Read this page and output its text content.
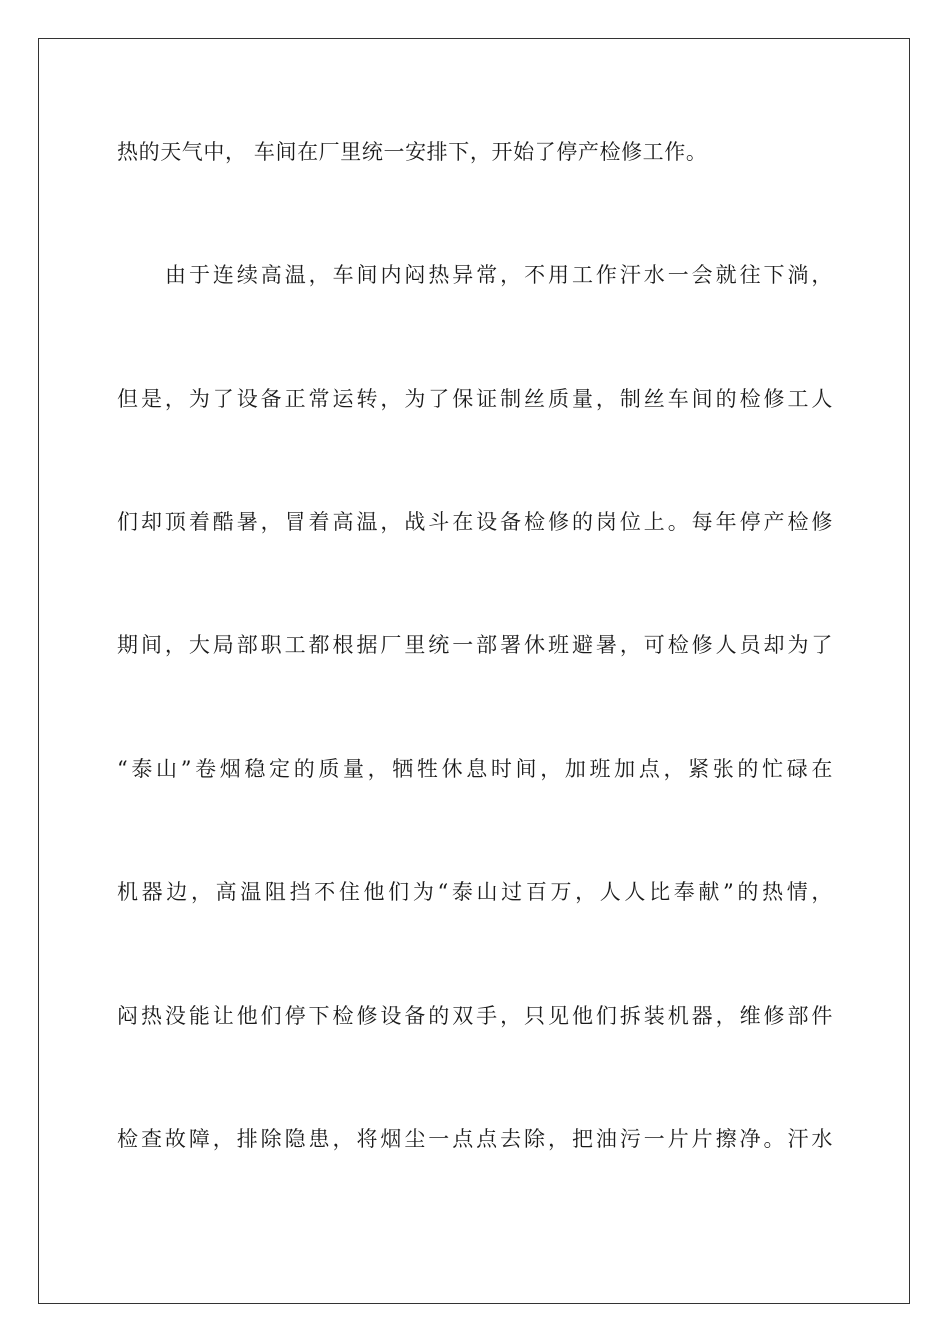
热的天气中， 车间在厂里统一安排下，开始了停产检修工作。
由于连续高温，车间内闷热异常，不用工作汗水一会就往下淌，
但是，为了设备正常运转，为了保证制丝质量，制丝车间的检修工人
们却顶着酷暑，冒着高温，战斗在设备检修的岗位上。每年停产检修
期间，大局部职工都根据厂里统一部署休班避暑，可检修人员却为了
“泰山”卷烟稳定的质量，牺牲休息时间，加班加点，紧张的忙碌在
机器边，高温阻挡不住他们为“泰山过百万，人人比奉献”的热情，
闷热没能让他们停下检修设备的双手，只见他们拆装机器，维修部件
检查故障，排除隐患，将烟尘一点点去除，把油污一片片擦净。汗水
